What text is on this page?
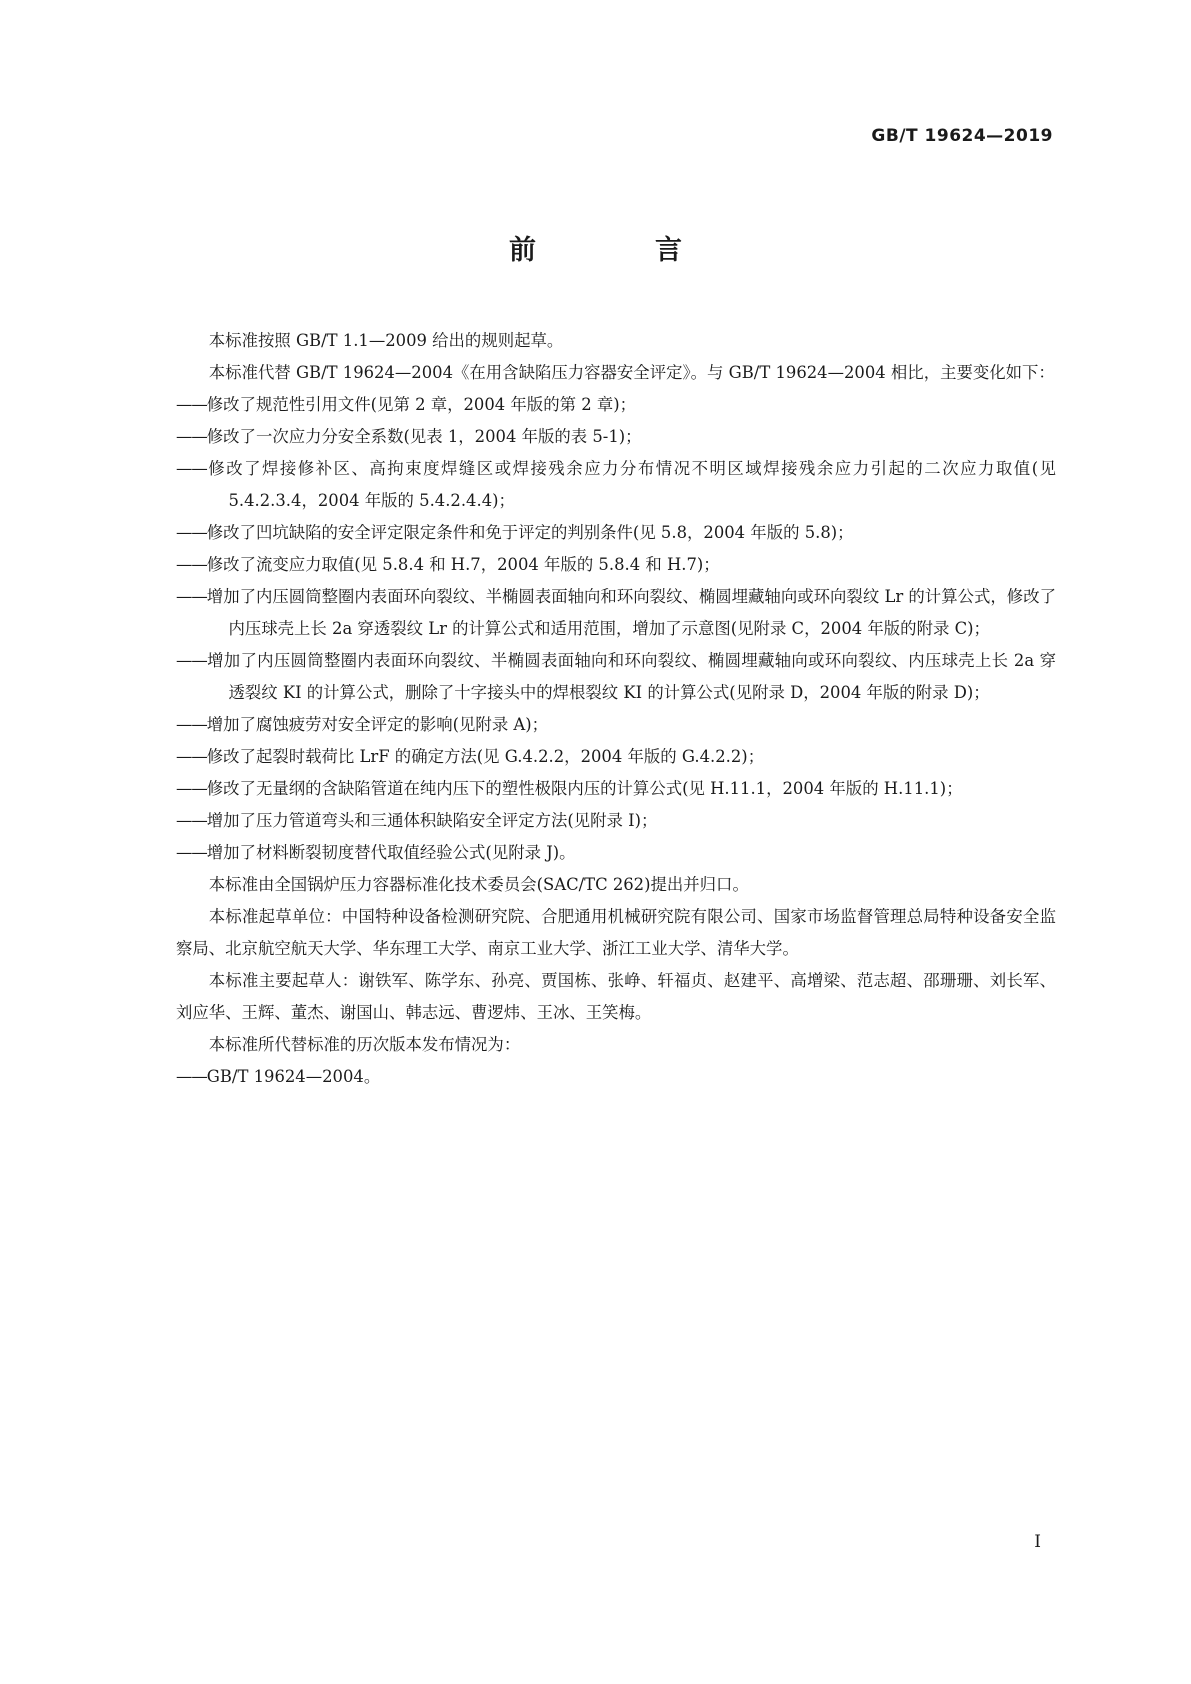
GB/T 19624—2019
前　言

本标准按照 GB/T 1.1—2009 给出的规则起草。

本标准代替 GB/T 19624—2004《在用含缺陷压力容器安全评定》。与 GB/T 19624—2004 相比，主要变化如下：

——修改了规范性引用文件(见第 2 章，2004 年版的第 2 章)；

——修改了一次应力分安全系数(见表 1，2004 年版的表 5-1)；

——修改了焊接修补区、高拘束度焊缝区或焊接残余应力分布情况不明区域焊接残余应力引起的二次应力取值(见 5.4.2.3.4，2004 年版的 5.4.2.4.4)；

——修改了凹坑缺陷的安全评定限定条件和免于评定的判别条件(见 5.8，2004 年版的 5.8)；

——修改了流变应力取值(见 5.8.4 和 H.7，2004 年版的 5.8.4 和 H.7)；

——增加了内压圆筒整圈内表面环向裂纹、半椭圆表面轴向和环向裂纹、椭圆埋藏轴向或环向裂纹 Lr 的计算公式，修改了内压球壳上长 2a 穿透裂纹 Lr 的计算公式和适用范围，增加了示意图(见附录 C，2004 年版的附录 C)；

——增加了内压圆筒整圈内表面环向裂纹、半椭圆表面轴向和环向裂纹、椭圆埋藏轴向或环向裂纹、内压球壳上长 2a 穿透裂纹 KI 的计算公式，删除了十字接头中的焊根裂纹 KI 的计算公式(见附录 D，2004 年版的附录 D)；

——增加了腐蚀疲劳对安全评定的影响(见附录 A)；

——修改了起裂时载荷比 LrF 的确定方法(见 G.4.2.2，2004 年版的 G.4.2.2)；

——修改了无量纲的含缺陷管道在纯内压下的塑性极限内压的计算公式(见 H.11.1，2004 年版的 H.11.1)；

——增加了压力管道弯头和三通体积缺陷安全评定方法(见附录 I)；

——增加了材料断裂韧度替代取值经验公式(见附录 J)。

本标准由全国锅炉压力容器标准化技术委员会(SAC/TC 262)提出并归口。

本标准起草单位：中国特种设备检测研究院、合肥通用机械研究院有限公司、国家市场监督管理总局特种设备安全监察局、北京航空航天大学、华东理工大学、南京工业大学、浙江工业大学、清华大学。

本标准主要起草人：谢铁军、陈学东、孙亮、贾国栋、张峥、轩福贞、赵建平、高增梁、范志超、邵珊珊、刘长军、刘应华、王辉、董杰、谢国山、韩志远、曹逻炜、王冰、王笑梅。

本标准所代替标准的历次版本发布情况为：

——GB/T 19624—2004。

I
